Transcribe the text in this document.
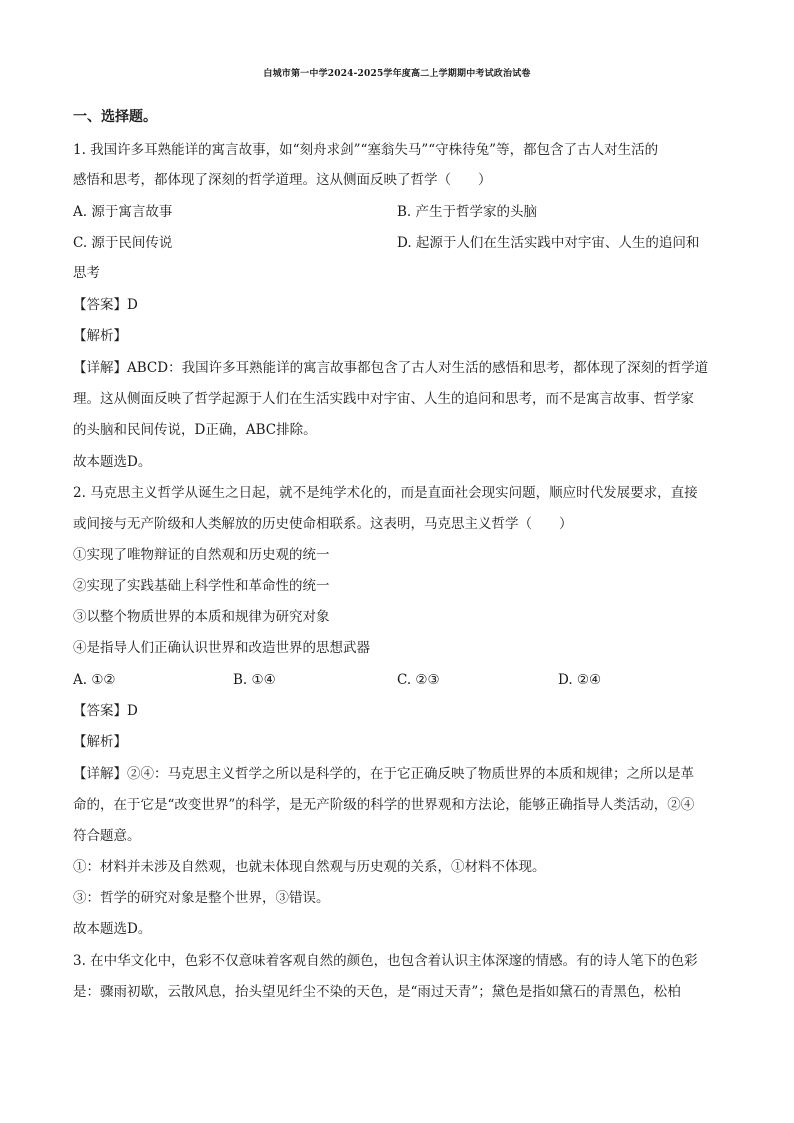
白城市第一中学2024-2025学年度高二上学期期中考试政治试卷
一、选择题。
1. 我国许多耳熟能详的寓言故事，如“刻舟求剑”“塞翁失马”“守株待兔”等，都包含了古人对生活的
感悟和思考，都体现了深刻的哲学道理。这从侧面反映了哲学（　　）
A. 源于寓言故事	B. 产生于哲学家的头脑
C. 源于民间传说	D. 起源于人们在生活实践中对宇宙、人生的追问和
思考
【答案】D
【解析】
【详解】ABCD：我国许多耳熟能详的寓言故事都包含了古人对生活的感悟和思考，都体现了深刻的哲学道
理。这从侧面反映了哲学起源于人们在生活实践中对宇宙、人生的追问和思考，而不是寓言故事、哲学家
的头脑和民间传说，D正确，ABC排除。
故本题选D。
2. 马克思主义哲学从诞生之日起，就不是纯学术化的，而是直面社会现实问题，顺应时代发展要求，直接
或间接与无产阶级和人类解放的历史使命相联系。这表明，马克思主义哲学（　　）
①实现了唯物辩证的自然观和历史观的统一
②实现了实践基础上科学性和革命性的统一
③以整个物质世界的本质和规律为研究对象
④是指导人们正确认识世界和改造世界的思想武器
A. ①②	B. ①④	C. ②③	D. ②④
【答案】D
【解析】
【详解】②④：马克思主义哲学之所以是科学的，在于它正确反映了物质世界的本质和规律；之所以是革
命的，在于它是“改变世界”的科学，是无产阶级的科学的世界观和方法论，能够正确指导人类活动，②④
符合题意。
①：材料并未涉及自然观，也就未体现自然观与历史观的关系，①材料不体现。
③：哲学的研究对象是整个世界，③错误。
故本题选D。
3. 在中华文化中，色彩不仅意味着客观自然的颜色，也包含着认识主体深邃的情感。有的诗人笔下的色彩
是：骤雨初歇，云散风息，抬头望见纤尘不染的天色，是“雨过天青”；黛色是指如黛石的青黑色，松柏
